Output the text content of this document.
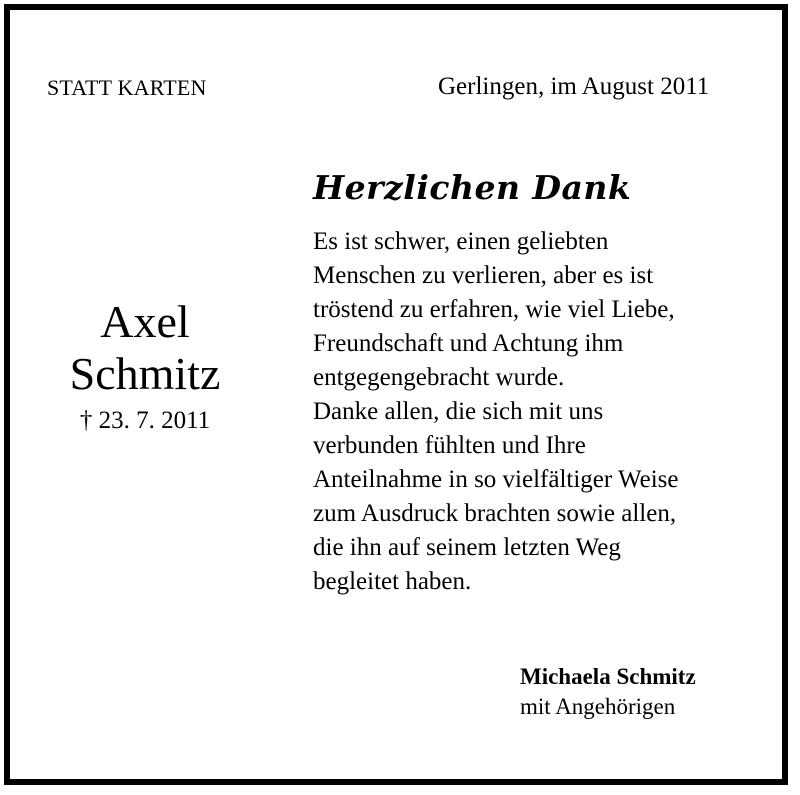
STATT KARTEN	Gerlingen, im August 2011
Axel
Schmitz
† 23. 7. 2011
Herzlichen Dank
Es ist schwer, einen geliebten
Menschen zu verlieren, aber es ist
tröstend zu erfahren, wie viel Liebe,
Freundschaft und Achtung ihm
entgegengebracht wurde.
Danke allen, die sich mit uns
verbunden fühlten und Ihre
Anteilnahme in so vielfältiger Weise
zum Ausdruck brachten sowie allen,
die ihn auf seinem letzten Weg
begleitet haben.
Michaela Schmitz
mit Angehörigen
